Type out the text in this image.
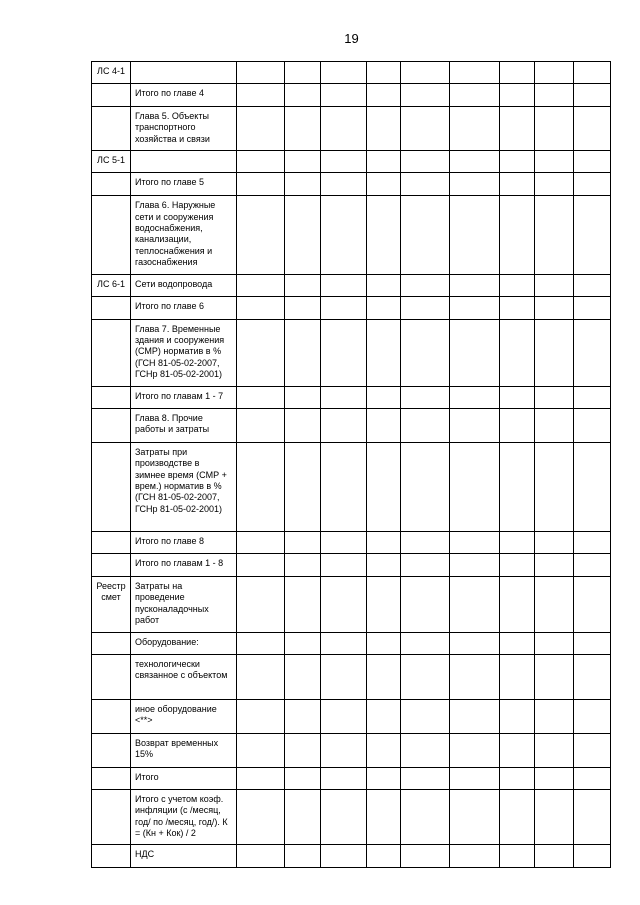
19
ЛС 4-1										
	Итого по главе 4									
	Глава 5. Объекты транспортного хозяйства и связи									
ЛС 5-1										
	Итого по главе 5									
	Глава 6. Наружные сети и сооружения водоснабжения, канализации, теплоснабжения и газоснабжения									
ЛС 6-1	Сети водопровода									
	Итого по главе 6									
	Глава 7. Временные здания и сооружения (СМР) норматив в % (ГСН 81-05-02-2007, ГСНр 81-05-02-2001)									
	Итого по главам 1 - 7									
	Глава 8. Прочие работы и затраты									
	Затраты при производстве в зимнее время (СМР + врем.) норматив в % (ГСН 81-05-02-2007, ГСНр 81-05-02-2001)									
	Итого по главе 8									
	Итого по главам 1 - 8									
Реестр смет	Затраты на проведение пусконаладочных работ									
	Оборудование:									
	технологически связанное с объектом									
	иное оборудование <**>									
	Возврат временных 15%									
	Итого									
	Итого с учетом коэф. инфляции (с /месяц, год/ по /месяц, год/). К = (Кн + Кок) / 2									
	НДС									
